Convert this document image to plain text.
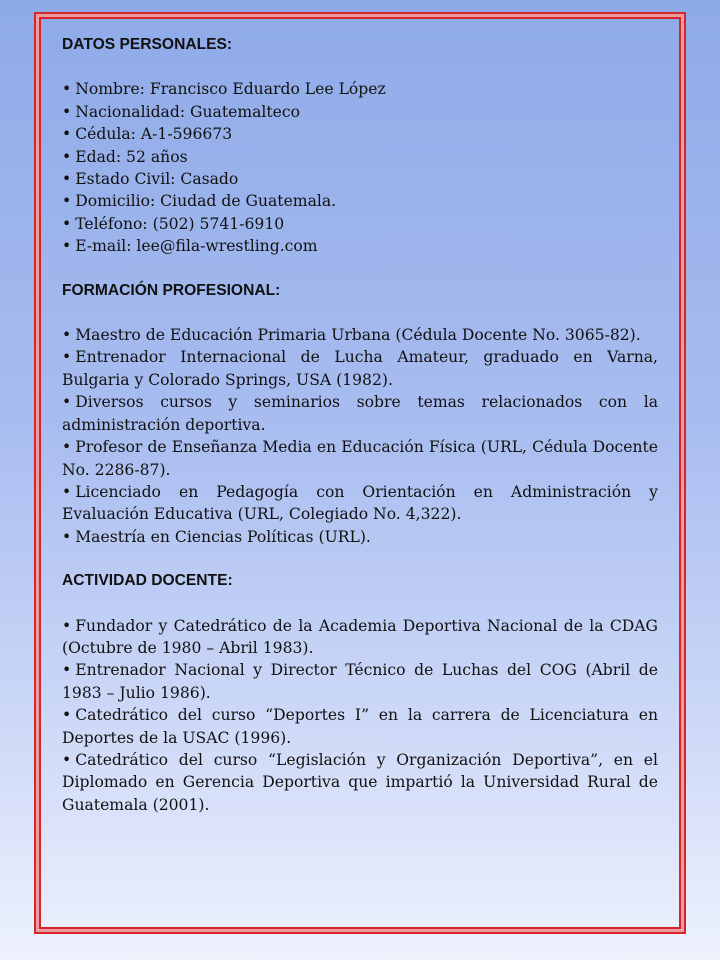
DATOS PERSONALES:
• Nombre: Francisco Eduardo Lee López
• Nacionalidad: Guatemalteco
• Cédula: A-1-596673
• Edad: 52 años
• Estado Civil: Casado
• Domicilio: Ciudad de Guatemala.
• Teléfono: (502) 5741-6910
• E-mail: lee@fila-wrestling.com
FORMACIÓN PROFESIONAL:
• Maestro de Educación Primaria Urbana (Cédula Docente No. 3065-82).
• Entrenador Internacional de Lucha Amateur, graduado en Varna, Bulgaria y Colorado Springs, USA (1982).
• Diversos cursos y seminarios sobre temas relacionados con la administración deportiva.
• Profesor de Enseñanza Media en Educación Física (URL, Cédula Docente No. 2286-87).
• Licenciado en Pedagogía con Orientación en Administración y Evaluación Educativa (URL, Colegiado No. 4,322).
• Maestría en Ciencias Políticas (URL).
ACTIVIDAD DOCENTE:
• Fundador y Catedrático de la Academia Deportiva Nacional de la CDAG (Octubre de 1980 – Abril 1983).
• Entrenador Nacional y Director Técnico de Luchas del COG (Abril de 1983 – Julio 1986).
• Catedrático del curso “Deportes I” en la carrera de Licenciatura en Deportes de la USAC (1996).
• Catedrático del curso “Legislación y Organización Deportiva”, en el Diplomado en Gerencia Deportiva que impartió la Universidad Rural de Guatemala (2001).
